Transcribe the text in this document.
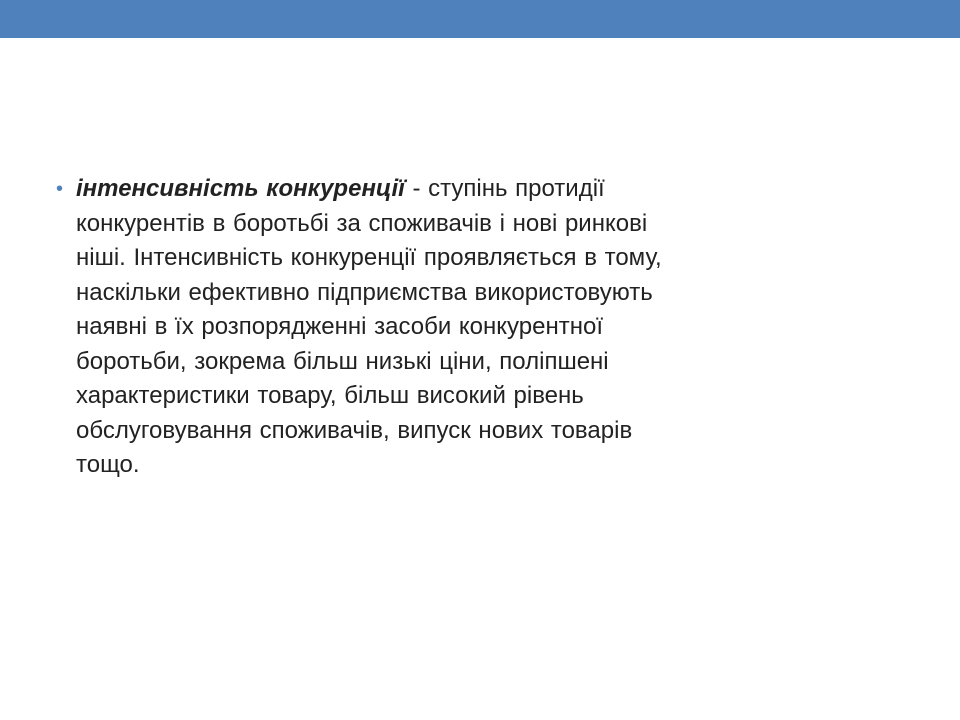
• інтенсивність конкуренції - ступінь протидії
конкурентів в боротьбі за споживачів і нові ринкові
ніші. Інтенсивність конкуренції проявляється в тому,
наскільки ефективно підприємства використовують
наявні в їх розпорядженні засоби конкурентної
боротьби, зокрема більш низькі ціни, поліпшені
характеристики товару, більш високий рівень
обслуговування споживачів, випуск нових товарів
тощо.
